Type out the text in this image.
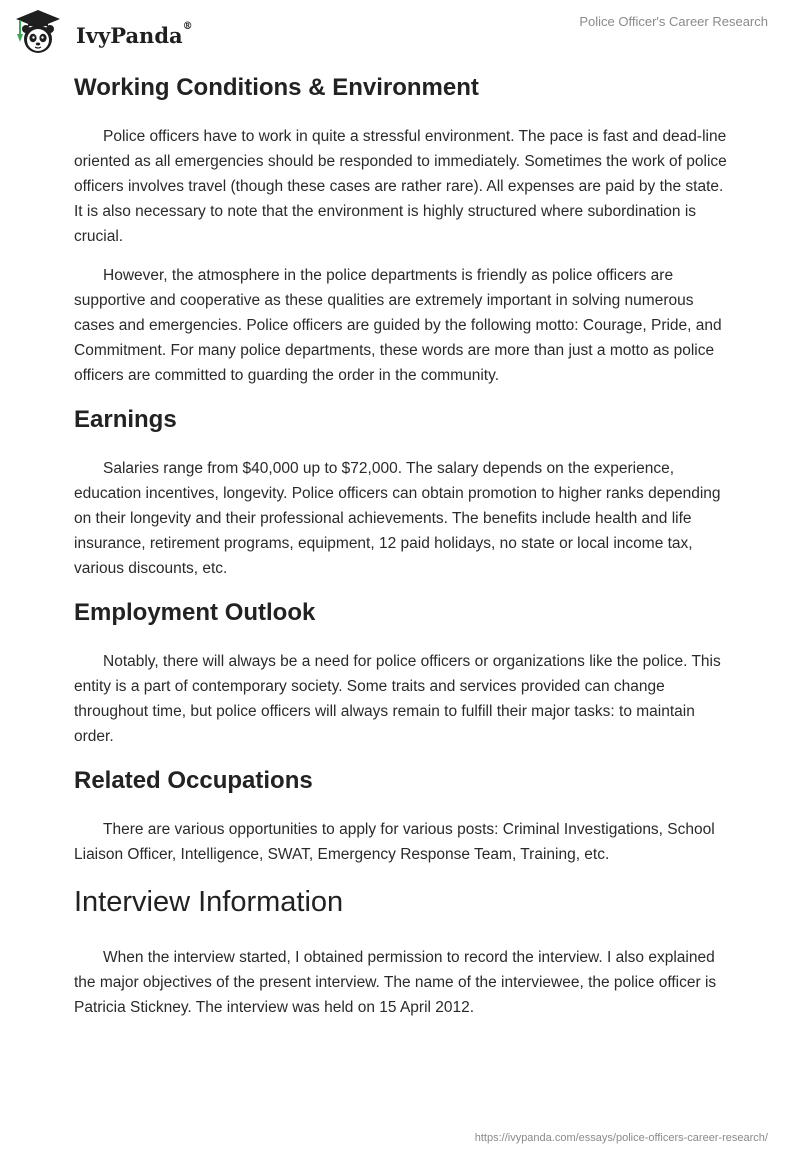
IvyPanda®	Police Officer's Career Research
Working Conditions & Environment

Police officers have to work in quite a stressful environment. The pace is fast and dead-line oriented as all emergencies should be responded to immediately. Sometimes the work of police officers involves travel (though these cases are rather rare). All expenses are paid by the state. It is also necessary to note that the environment is highly structured where subordination is crucial.

However, the atmosphere in the police departments is friendly as police officers are supportive and cooperative as these qualities are extremely important in solving numerous cases and emergencies. Police officers are guided by the following motto: Courage, Pride, and Commitment. For many police departments, these words are more than just a motto as police officers are committed to guarding the order in the community.

Earnings

Salaries range from $40,000 up to $72,000. The salary depends on the experience, education incentives, longevity. Police officers can obtain promotion to higher ranks depending on their longevity and their professional achievements. The benefits include health and life insurance, retirement programs, equipment, 12 paid holidays, no state or local income tax, various discounts, etc.

Employment Outlook

Notably, there will always be a need for police officers or organizations like the police. This entity is a part of contemporary society. Some traits and services provided can change throughout time, but police officers will always remain to fulfill their major tasks: to maintain order.

Related Occupations

There are various opportunities to apply for various posts: Criminal Investigations, School Liaison Officer, Intelligence, SWAT, Emergency Response Team, Training, etc.

Interview Information

When the interview started, I obtained permission to record the interview. I also explained the major objectives of the present interview. The name of the interviewee, the police officer is Patricia Stickney. The interview was held on 15 April 2012.

https://ivypanda.com/essays/police-officers-career-research/
